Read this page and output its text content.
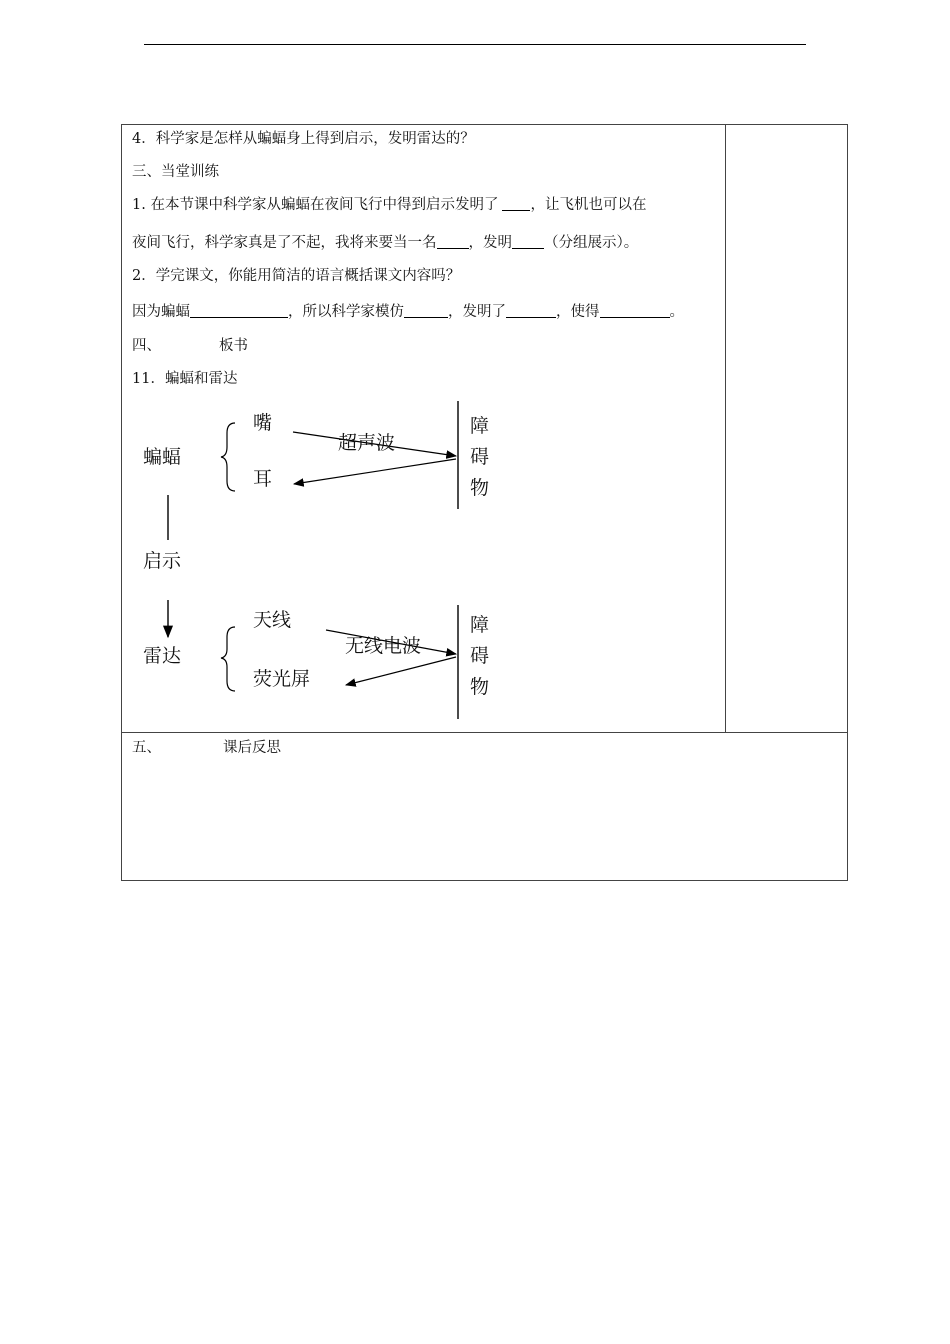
4．科学家是怎样从蝙蝠身上得到启示，发明雷达的？
三、当堂训练
1. 在本节课中科学家从蝙蝠在夜间飞行中得到启示发明了 ，让飞机也可以在
夜间飞行，科学家真是了不起，我将来要当一名 ，发明 （分组展示）。
2．学完课文，你能用简洁的语言概括课文内容吗？
因为蝙蝠	，所以科学家模仿	，发明了	，使得	。
四、	板书
11．蝙蝠和雷达
蝙蝠
嘴
耳
超声波
障碍物
启示
雷达
天线
荧光屏
无线电波
障碍物
五、	课后反思
